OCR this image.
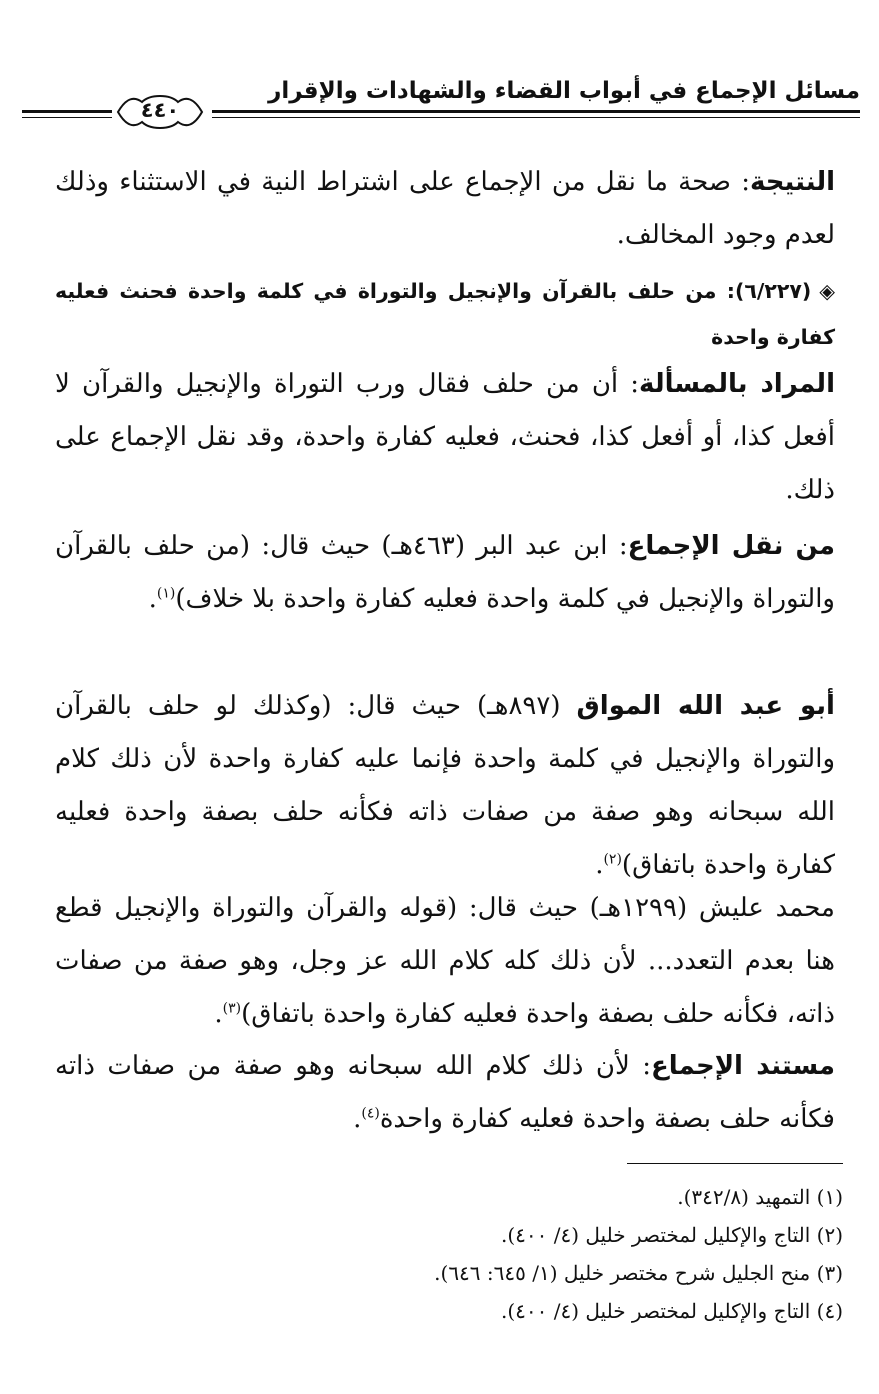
مسائل الإجماع في أبواب القضاء والشهادات والإقرار
٤٤٠

النتيجة: صحة ما نقل من الإجماع على اشتراط النية في الاستثناء وذلك لعدم وجود المخالف.

◈(٦/٢٢٧): من حلف بالقرآن والإنجيل والتوراة في كلمة واحدة فحنث فعليه كفارة واحدة

المراد بالمسألة: أن من حلف فقال ورب التوراة والإنجيل والقرآن لا أفعل كذا، أو أفعل كذا، فحنث، فعليه كفارة واحدة، وقد نقل الإجماع على ذلك.

من نقل الإجماع: ابن عبد البر (٤٦٣هـ) حيث قال: (من حلف بالقرآن والتوراة والإنجيل في كلمة واحدة فعليه كفارة واحدة بلا خلاف)$^{(١)}$.

أبو عبد الله المواق (٨٩٧هـ) حيث قال: (وكذلك لو حلف بالقرآن والتوراة والإنجيل في كلمة واحدة فإنما عليه كفارة واحدة لأن ذلك كلام الله سبحانه وهو صفة من صفات ذاته فكأنه حلف بصفة واحدة فعليه كفارة واحدة باتفاق)$^{(٢)}$.

محمد عليش (١٢٩٩هـ) حيث قال: (قوله والقرآن والتوراة والإنجيل قطع هنا بعدم التعدد... لأن ذلك كله كلام الله عز وجل، وهو صفة من صفات ذاته، فكأنه حلف بصفة واحدة فعليه كفارة واحدة باتفاق)$^{(٣)}$.

مستند الإجماع: لأن ذلك كلام الله سبحانه وهو صفة من صفات ذاته فكأنه حلف بصفة واحدة فعليه كفارة واحدة$^{(٤)}$.

(١) التمهيد (٣٤٢/٨).

(٢) التاج والإكليل لمختصر خليل (٤/ ٤٠٠).

(٣) منح الجليل شرح مختصر خليل (١/ ٦٤٥: ٦٤٦).

(٤) التاج والإكليل لمختصر خليل (٤/ ٤٠٠).
